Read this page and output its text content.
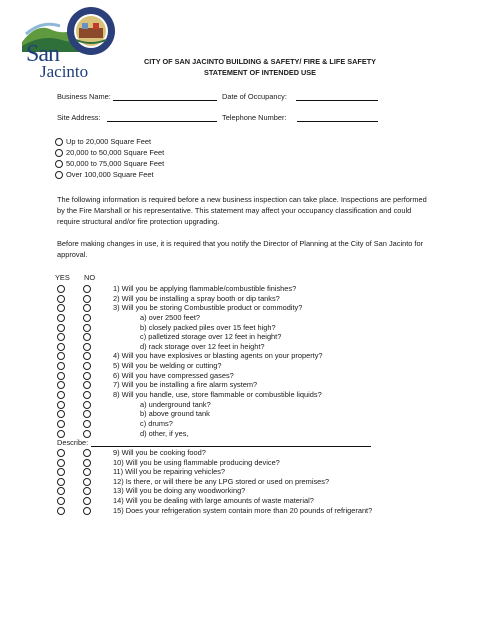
San
Jacinto
CITY OF SAN JACINTO BUILDING & SAFETY/ FIRE & LIFE SAFETY
STATEMENT OF INTENDED USE
Business Name:	Date of Occupancy:
Site Address:	Telephone Number:
Up to 20,000 Square Feet
20,000 to 50,000 Square Feet
50,000 to 75,000 Square Feet
Over 100,000 Square Feet
The following information is required before a new business inspection can take place. Inspections are performed by the Fire Marshall or his representative. This statement may affect your occupancy classification and could require structural and/or fire protection upgrading.
Before making changes in use, it is required that you notify the Director of Planning at the City of San Jacinto for approval.
YES NO
1) Will you be applying flammable/combustible finishes?
2) Will you be installing a spray booth or dip tanks?
3) Will you be storing Combustible product or commodity?
a) over 2500 feet?
b) closely packed piles over 15 feet high?
c) palletized storage over 12 feet in height?
d) rack storage over 12 feet in height?
4) Will you have explosives or blasting agents on your property?
5) Will you be welding or cutting?
6) Will you have compressed gases?
7) Will you be installing a fire alarm system?
8) Will you handle, use, store flammable or combustible liquids?
a) underground tank?
b) above ground tank
c) drums?
d) other, if yes,
Describe:
9) Will you be cooking food?
10) Will you be using flammable producing device?
11) Will you be repairing vehicles?
12) Is there, or will there be any LPG stored or used on premises?
13) Will you be doing any woodworking?
14) Will you be dealing with large amounts of waste material?
15) Does your refrigeration system contain more than 20 pounds of refrigerant?
